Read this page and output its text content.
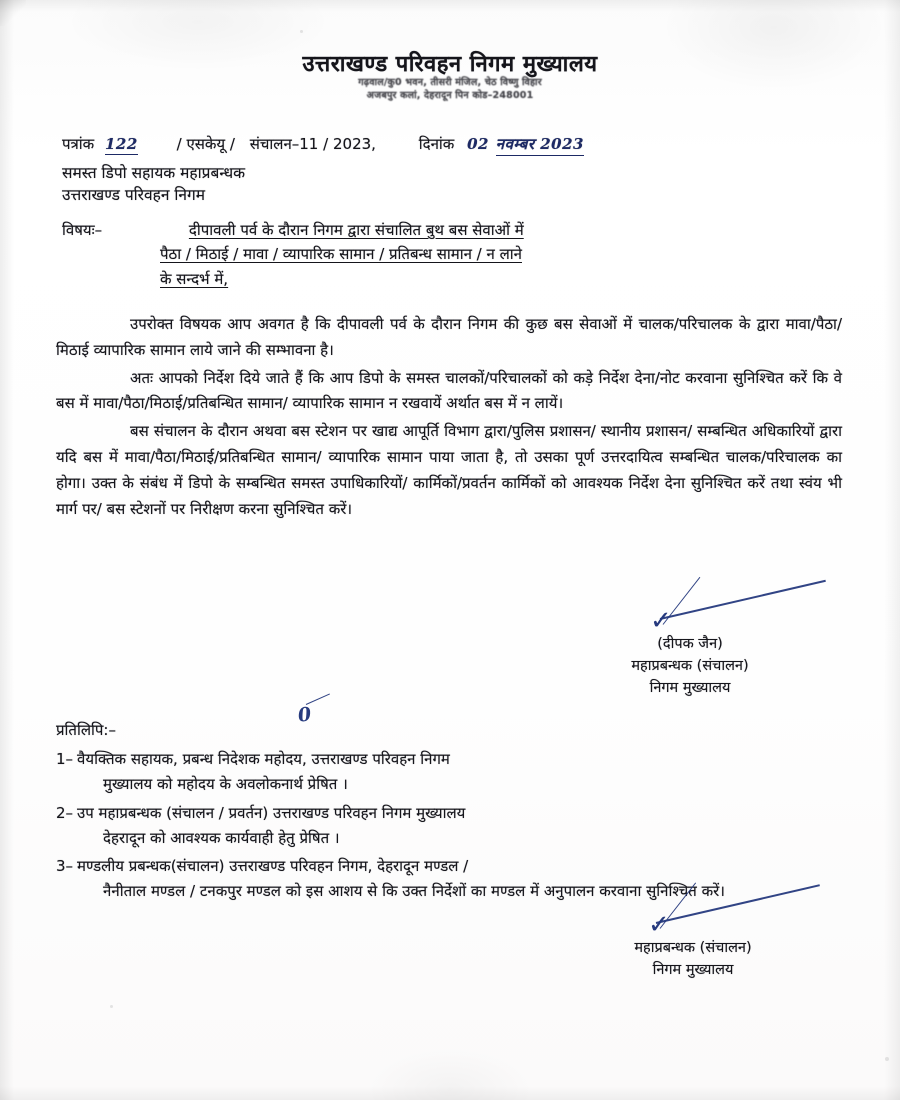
उत्तराखण्ड परिवहन निगम मुख्यालय
गढ़वाल/कु0 भवन, तीसरी मंजिल, चेठ विष्णु विहार
अजबपुर कलां, देहरादून पिन कोड–248001
पत्रांक 122	/ एसकेयू / संचालन–11 / 2023,	दिनांक 02 नवम्बर 2023
समस्त डिपो सहायक महाप्रबन्धक
उत्तराखण्ड परिवहन निगम
विषयः–	दीपावली पर्व के दौरान निगम द्वारा संचालित बुथ बस सेवाओं में
पैठा / मिठाई / मावा / व्यापारिक सामान / प्रतिबन्ध सामान / न लाने
के सन्दर्भ में,

उपरोक्त विषयक आप अवगत है कि दीपावली पर्व के दौरान निगम की कुछ बस सेवाओं में चालक/परिचालक के द्वारा मावा/पैठा/मिठाई व्यापारिक सामान लाये जाने की सम्भावना है।

अतः आपको निर्देश दिये जाते हैं कि आप डिपो के समस्त चालकों/परिचालकों को कड़े निर्देश देना/नोट करवाना सुनिश्चित करें कि वे बस में मावा/पैठा/मिठाई/प्रतिबन्धित सामान/ व्यापारिक सामान न रखवायें अर्थात बस में न लायें।

बस संचालन के दौरान अथवा बस स्टेशन पर खाद्य आपूर्ति विभाग द्वारा/पुलिस प्रशासन/ स्थानीय प्रशासन/ सम्बन्धित अधिकारियों द्वारा यदि बस में मावा/पैठा/मिठाई/प्रतिबन्धित सामान/ व्यापारिक सामान पाया जाता है, तो उसका पूर्ण उत्तरदायित्व सम्बन्धित चालक/परिचालक का होगा। उक्त के संबंध में डिपो के सम्बन्धित समस्त उपाधिकारियों/ कार्मिकों/प्रवर्तन कार्मिकों को आवश्यक निर्देश देना सुनिश्चित करें तथा स्वंय भी मार्ग पर/ बस स्टेशनों पर निरीक्षण करना सुनिश्चित करें।

✓
(दीपक जैन)
महाप्रबन्धक (संचालन)
निगम मुख्यालय
0
प्रतिलिपि:–
1– वैयक्तिक सहायक, प्रबन्ध निदेशक महोदय, उत्तराखण्ड परिवहन निगम
मुख्यालय को महोदय के अवलोकनार्थ प्रेषित ।
2– उप महाप्रबन्धक (संचालन / प्रवर्तन) उत्तराखण्ड परिवहन निगम मुख्यालय
देहरादून को आवश्यक कार्यवाही हेतु प्रेषित ।
3– मण्डलीय प्रबन्धक(संचालन) उत्तराखण्ड परिवहन निगम, देहरादून मण्डल /
नैनीताल मण्डल / टनकपुर मण्डल को इस आशय से कि उक्त निर्देशों का मण्डल में अनुपालन करवाना सुनिश्चित करें।
✓
महाप्रबन्धक (संचालन)
निगम मुख्यालय
